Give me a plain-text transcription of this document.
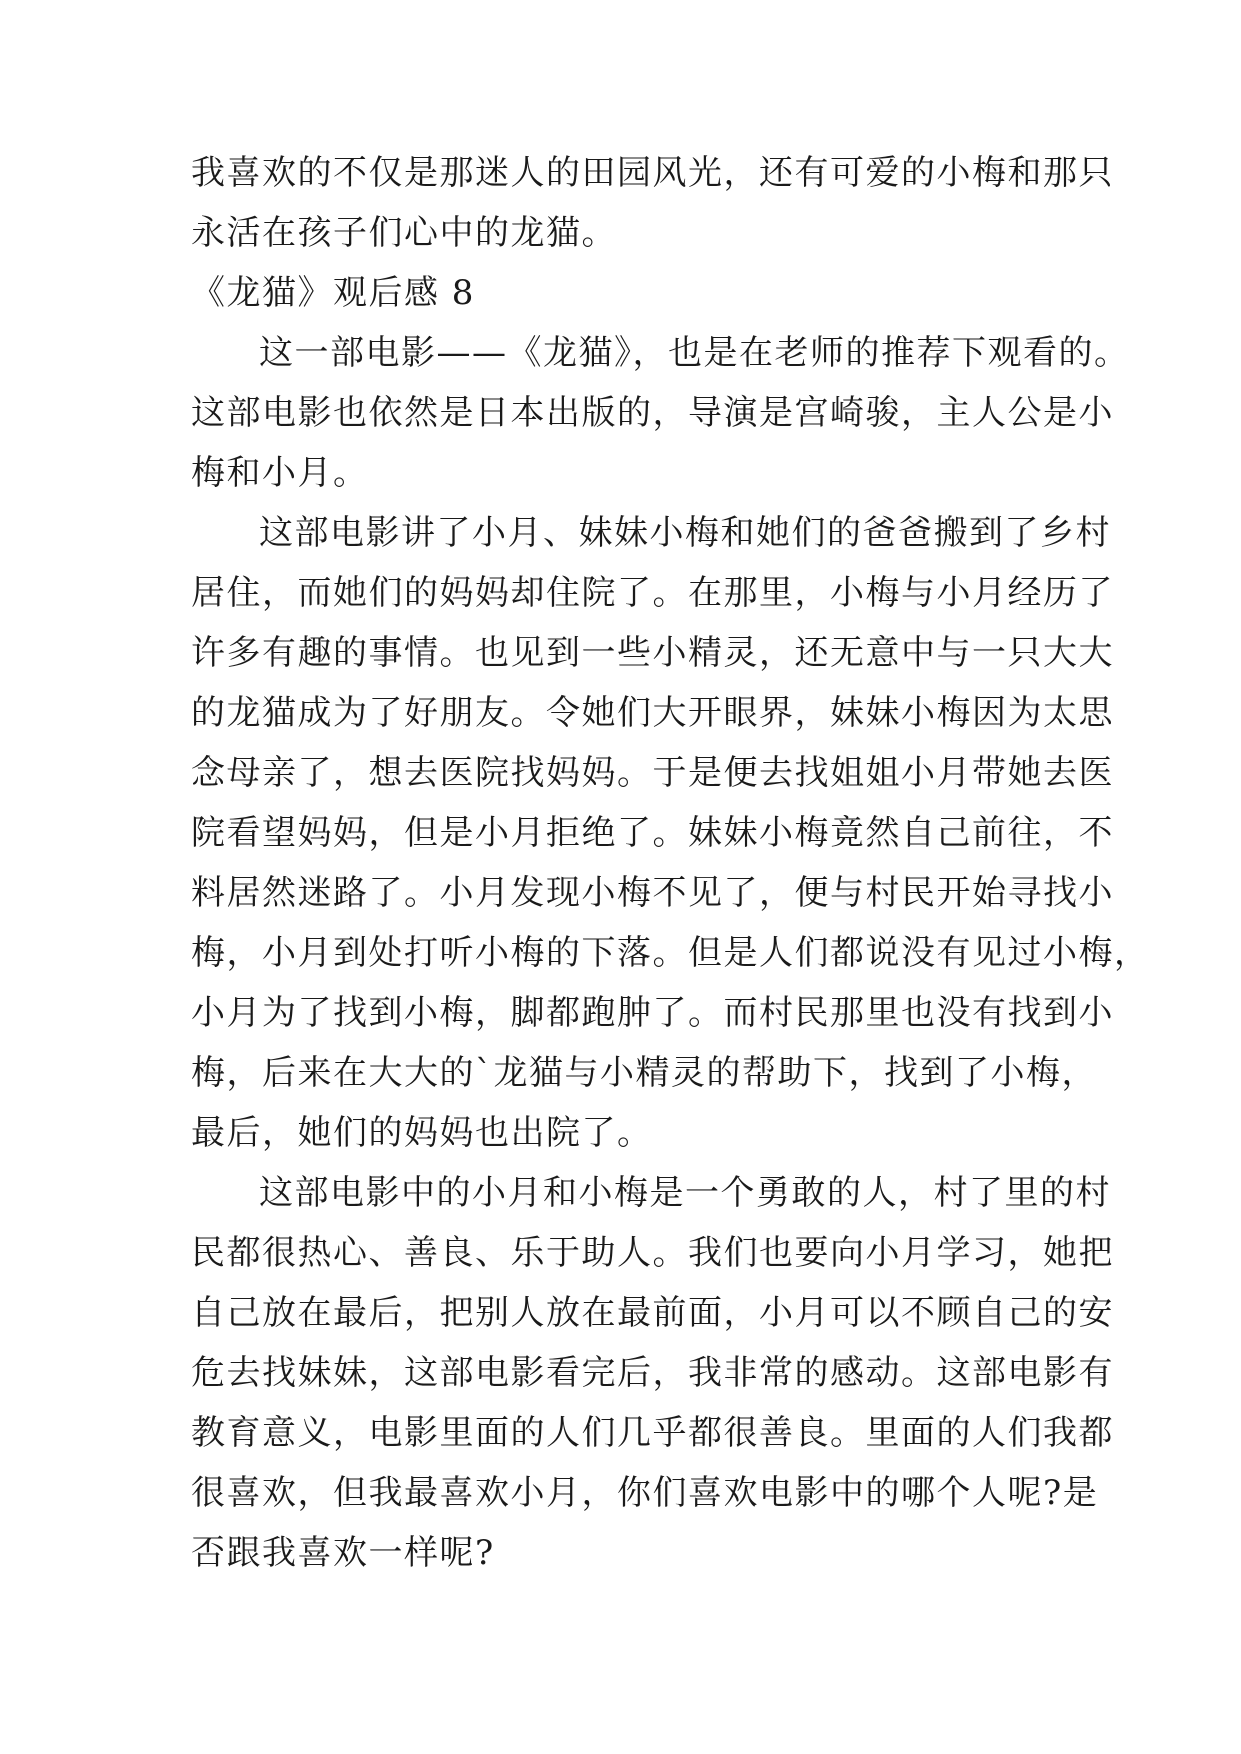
我喜欢的不仅是那迷人的田园风光，还有可爱的小梅和那只
永活在孩子们心中的龙猫。
《龙猫》观后感 8
这一部电影——《龙猫》，也是在老师的推荐下观看的。
这部电影也依然是日本出版的，导演是宫崎骏，主人公是小
梅和小月。
这部电影讲了小月、妹妹小梅和她们的爸爸搬到了乡村
居住，而她们的妈妈却住院了。在那里，小梅与小月经历了
许多有趣的事情。也见到一些小精灵，还无意中与一只大大
的龙猫成为了好朋友。令她们大开眼界，妹妹小梅因为太思
念母亲了，想去医院找妈妈。于是便去找姐姐小月带她去医
院看望妈妈，但是小月拒绝了。妹妹小梅竟然自己前往，不
料居然迷路了。小月发现小梅不见了，便与村民开始寻找小
梅，小月到处打听小梅的下落。但是人们都说没有见过小梅，
小月为了找到小梅，脚都跑肿了。而村民那里也没有找到小
梅，后来在大大的`龙猫与小精灵的帮助下，找到了小梅，
最后，她们的妈妈也出院了。
这部电影中的小月和小梅是一个勇敢的人，村了里的村
民都很热心、善良、乐于助人。我们也要向小月学习，她把
自己放在最后，把别人放在最前面，小月可以不顾自己的安
危去找妹妹，这部电影看完后，我非常的感动。这部电影有
教育意义，电影里面的人们几乎都很善良。里面的人们我都
很喜欢，但我最喜欢小月，你们喜欢电影中的哪个人呢?是
否跟我喜欢一样呢?
